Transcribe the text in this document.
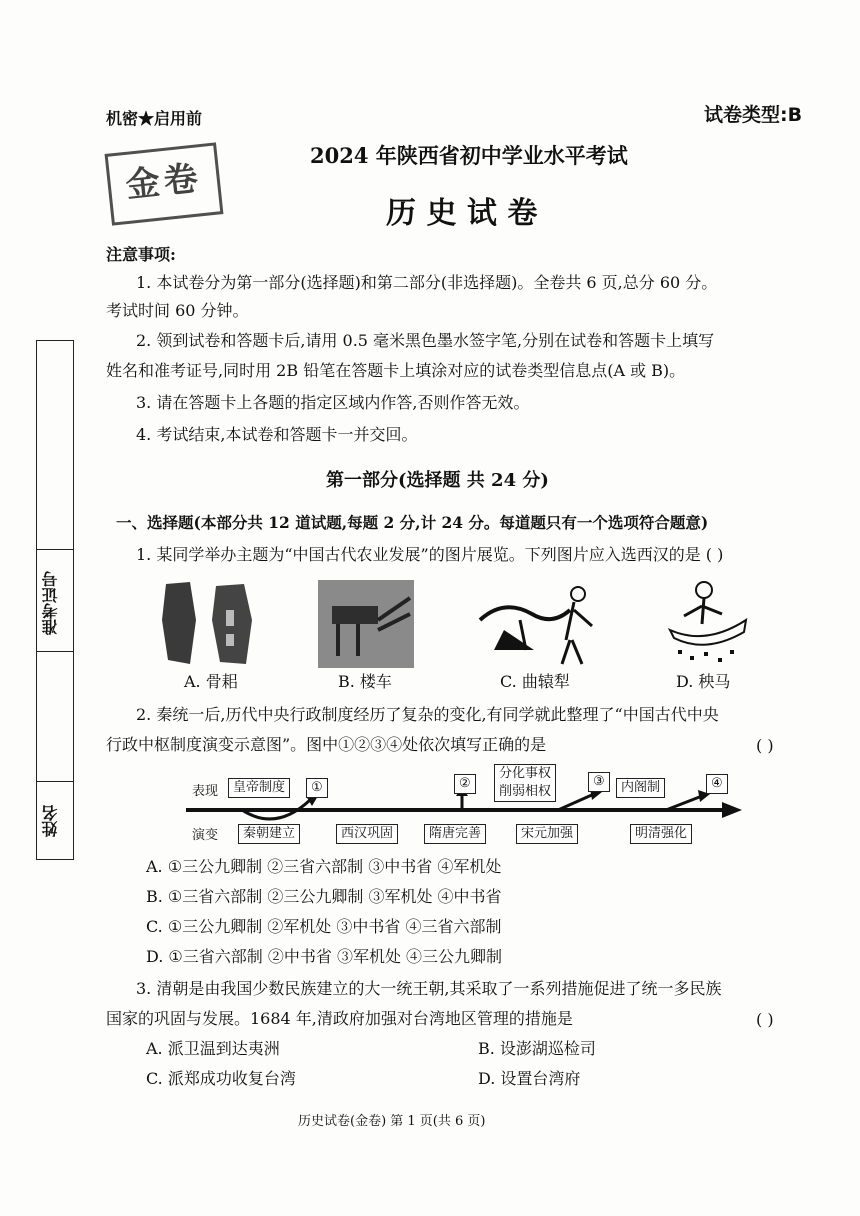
机密★启用前	试卷类型:B
2024 年陕西省初中学业水平考试
金卷
历 史 试 卷
注意事项:
1. 本试卷分为第一部分(选择题)和第二部分(非选择题)。全卷共 6 页,总分 60 分。
考试时间 60 分钟。
2. 领到试卷和答题卡后,请用 0.5 毫米黑色墨水签字笔,分别在试卷和答题卡上填写
姓名和准考证号,同时用 2B 铅笔在答题卡上填涂对应的试卷类型信息点(A 或 B)。
3. 请在答题卡上各题的指定区域内作答,否则作答无效。
4. 考试结束,本试卷和答题卡一并交回。
准考证号
姓名
第一部分(选择题 共 24 分)
一、选择题(本部分共 12 道试题,每题 2 分,计 24 分。每道题只有一个选项符合题意)
1. 某同学举办主题为“中国古代农业发展”的图片展览。下列图片应入选西汉的是 ( )
A. 骨耜	B. 楼车	C. 曲辕犁	D. 秧马
2. 秦统一后,历代中央行政制度经历了复杂的变化,有同学就此整理了“中国古代中央
行政中枢制度演变示意图”。图中①②③④处依次填写正确的是	( )
表现
演变
皇帝制度	①	②
分化事权
削弱相权
③	内阁制	④
秦朝建立	西汉巩固	隋唐完善	宋元加强	明清强化
A. ①三公九卿制 ②三省六部制 ③中书省 ④军机处
B. ①三省六部制 ②三公九卿制 ③军机处 ④中书省
C. ①三公九卿制 ②军机处 ③中书省 ④三省六部制
D. ①三省六部制 ②中书省 ③军机处 ④三公九卿制
3. 清朝是由我国少数民族建立的大一统王朝,其采取了一系列措施促进了统一多民族
国家的巩固与发展。1684 年,清政府加强对台湾地区管理的措施是	( )
A. 派卫温到达夷洲	B. 设澎湖巡检司
C. 派郑成功收复台湾	D. 设置台湾府
历史试卷(金卷) 第 1 页(共 6 页)
